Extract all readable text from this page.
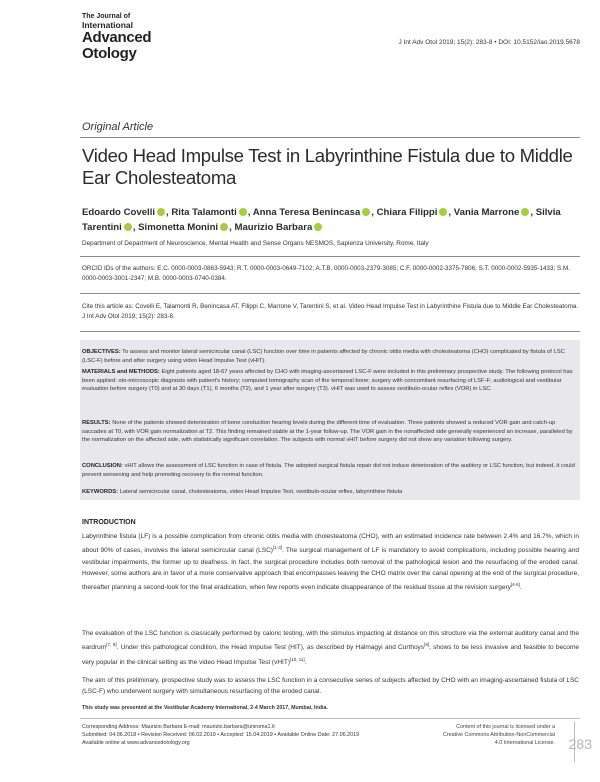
The Journal of
International
Advanced
Otology
J Int Adv Otol 2019; 15(2): 283-8 • DOI: 10.5152/iao.2019.5678
Original Article
Video Head Impulse Test in Labyrinthine Fistula due to Middle Ear Cholesteatoma
Edoardo Covelli , Rita Talamonti , Anna Teresa Benincasa , Chiara Filippi , Vania Marrone , Silvia Tarentini , Simonetta Monini , Maurizio Barbara
Department of Department of Neuroscience, Mental Health and Sense Organs NESMOS, Sapienza University, Rome, Italy
ORCID IDs of the authors: E.C. 0000-0003-0863-5943; R.T. 0000-0003-0649-7102; A.T.B. 0000-0003-2379-3085; C.F. 0000-0002-3375-7806; S.T. 0000-0002-5935-1433; S.M. 0000-0003-3001-2347; M.B. 0000-0003-0740-0384.
Cite this article as: Covelli E, Talamonti R, Benincasa AT, Filippi C, Marrone V, Tarentini S, et al. Video Head Impulse Test in Labyrinthine Fistula due to Middle Ear Cholesteatoma. J Int Adv Otol 2019; 15(2): 283-8.

OBJECTIVES: To assess and monitor lateral semicircular canal (LSC) function over time in patients affected by chronic otitis media with cholesteatoma (CHO) complicated by fistula of LSC (LSC-F) before and after surgery using video Head Impulse Test (vHIT).

MATERIALS and METHODS: Eight patients aged 18-67 years affected by CHO with imaging-ascertained LSC-F were included in this preliminary prospective study. The following protocol has been applied: oto-microscopic diagnosis with patient's history; computed tomography scan of the temporal bone; surgery with concomitant resurfacing of LSF-F; audiological and vestibular evaluation before surgery (T0) and at 30 days (T1), 6 months (T2), and 1 year after surgery (T3). vHIT was used to assess vestibulo-ocular reflex (VOR) in LSC.

RESULTS: None of the patients showed deterioration of bone conduction hearing levels during the different time of evaluation. Three patients showed a reduced VOR gain and catch-up saccades at T0, with VOR gain normalization at T2. This finding remained stable at the 1-year follow-up. The VOR gain in the nonaffected side generally experienced an increase, paralleled by the normalization on the affected side, with statistically significant correlation. The subjects with normal vHIT before surgery did not show any variation following surgery.

CONCLUSION: vHIT allows the assessment of LSC function in case of fistula. The adopted surgical fistula repair did not induce deterioration of the auditory or LSC function, but indeed, it could prevent worsening and help promoting recovery to the normal function.

KEYWORDS: Lateral semicircular canal, cholesteatoma, video Head Impulse Test, vestibulo-ocular reflex, labyrinthine fistula

INTRODUCTION

Labyrinthine fistula (LF) is a possible complication from chronic otitis media with cholesteatoma (CHO), with an estimated incidence rate between 2.4% and 16.7%, which in about 90% of cases, involves the lateral semicircular canal (LSC)[1-3]. The surgical management of LF is mandatory to avoid complications, including possible hearing and vestibular impairments, the former up to deafness. In fact, the surgical procedure includes both removal of the pathological lesion and the resurfacing of the eroded canal. However, some authors are in favor of a more conservative approach that encompasses leaving the CHO matrix over the canal opening at the end of the surgical procedure, thereafter planning a second-look for the final eradication, when few reports even indicate disappearance of the residual tissue at the revision surgery[4-6].

The evaluation of the LSC function is classically performed by caloric testing, with the stimulus impacting at distance on this structure via the external auditory canal and the eardrum[7, 8]. Under this pathological condition, the Head Impulse Test (HIT), as described by Halmagyi and Curthoys[9], shows to be less invasive and feasible to become very popular in the clinical setting as the video Head Impulse Test (vHIT)[10, 11].

The aim of this preliminary, prospective study was to assess the LSC function in a consecutive series of subjects affected by CHO with an imaging-ascertained fistula of LSC (LSC-F) who underwent surgery with simultaneous resurfacing of the eroded canal.

This study was presented at the Vestibular Academy International, 2-4 March 2017, Mumbai, India.
Corresponding Address: Maurizio Barbara E-mail: maurizio.barbara@uniroma1.it
Submitted: 04.06.2018 • Revision Received: 06.02.2019 • Accepted: 15.04.2019 • Available Online Date: 27.06.2019
Available online at www.advancedotology.org
Content of this journal is licensed under a
Creative Commons Attribution-NonCommercial
4.0 International License. 283
